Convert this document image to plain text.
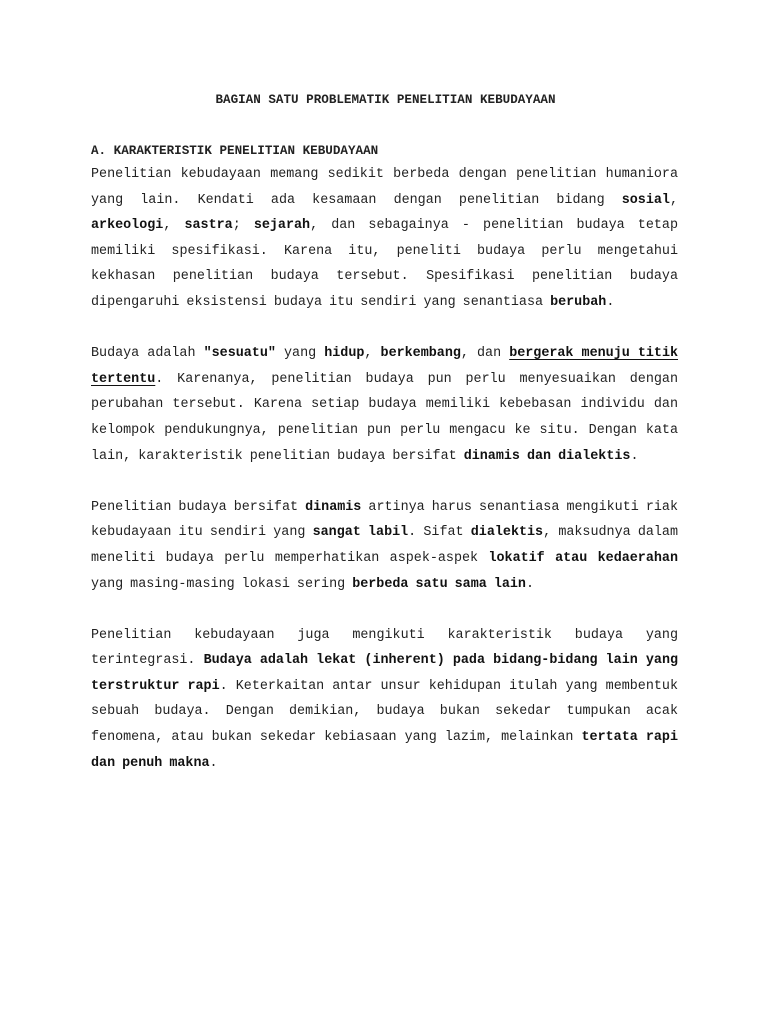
BAGIAN SATU PROBLEMATIK PENELITIAN KEBUDAYAAN

A. KARAKTERISTIK PENELITIAN KEBUDAYAAN

Penelitian kebudayaan memang sedikit berbeda dengan penelitian humaniora yang lain. Kendati ada kesamaan dengan penelitian bidang sosial, arkeologi, sastra; sejarah, dan sebagainya - penelitian budaya tetap memiliki spesifikasi. Karena itu, peneliti budaya perlu mengetahui kekhasan penelitian budaya tersebut. Spesifikasi penelitian budaya dipengaruhi eksistensi budaya itu sendiri yang senantiasa berubah.

Budaya adalah "sesuatu" yang hidup, berkembang, dan bergerak menuju titik tertentu. Karenanya, penelitian budaya pun perlu menyesuaikan dengan perubahan tersebut. Karena setiap budaya memiliki kebebasan individu dan kelompok pendukungnya, penelitian pun perlu mengacu ke situ. Dengan kata lain, karakteristik penelitian budaya bersifat dinamis dan dialektis.

Penelitian budaya bersifat dinamis artinya harus senantiasa mengikuti riak kebudayaan itu sendiri yang sangat labil. Sifat dialektis, maksudnya dalam meneliti budaya perlu memperhatikan aspek-aspek lokatif atau kedaerahan yang masing-masing lokasi sering berbeda satu sama lain.

Penelitian kebudayaan juga mengikuti karakteristik budaya yang terintegrasi. Budaya adalah lekat (inherent) pada bidang-bidang lain yang terstruktur rapi. Keterkaitan antar unsur kehidupan itulah yang membentuk sebuah budaya. Dengan demikian, budaya bukan sekedar tumpukan acak fenomena, atau bukan sekedar kebiasaan yang lazim, melainkan tertata rapi dan penuh makna.
